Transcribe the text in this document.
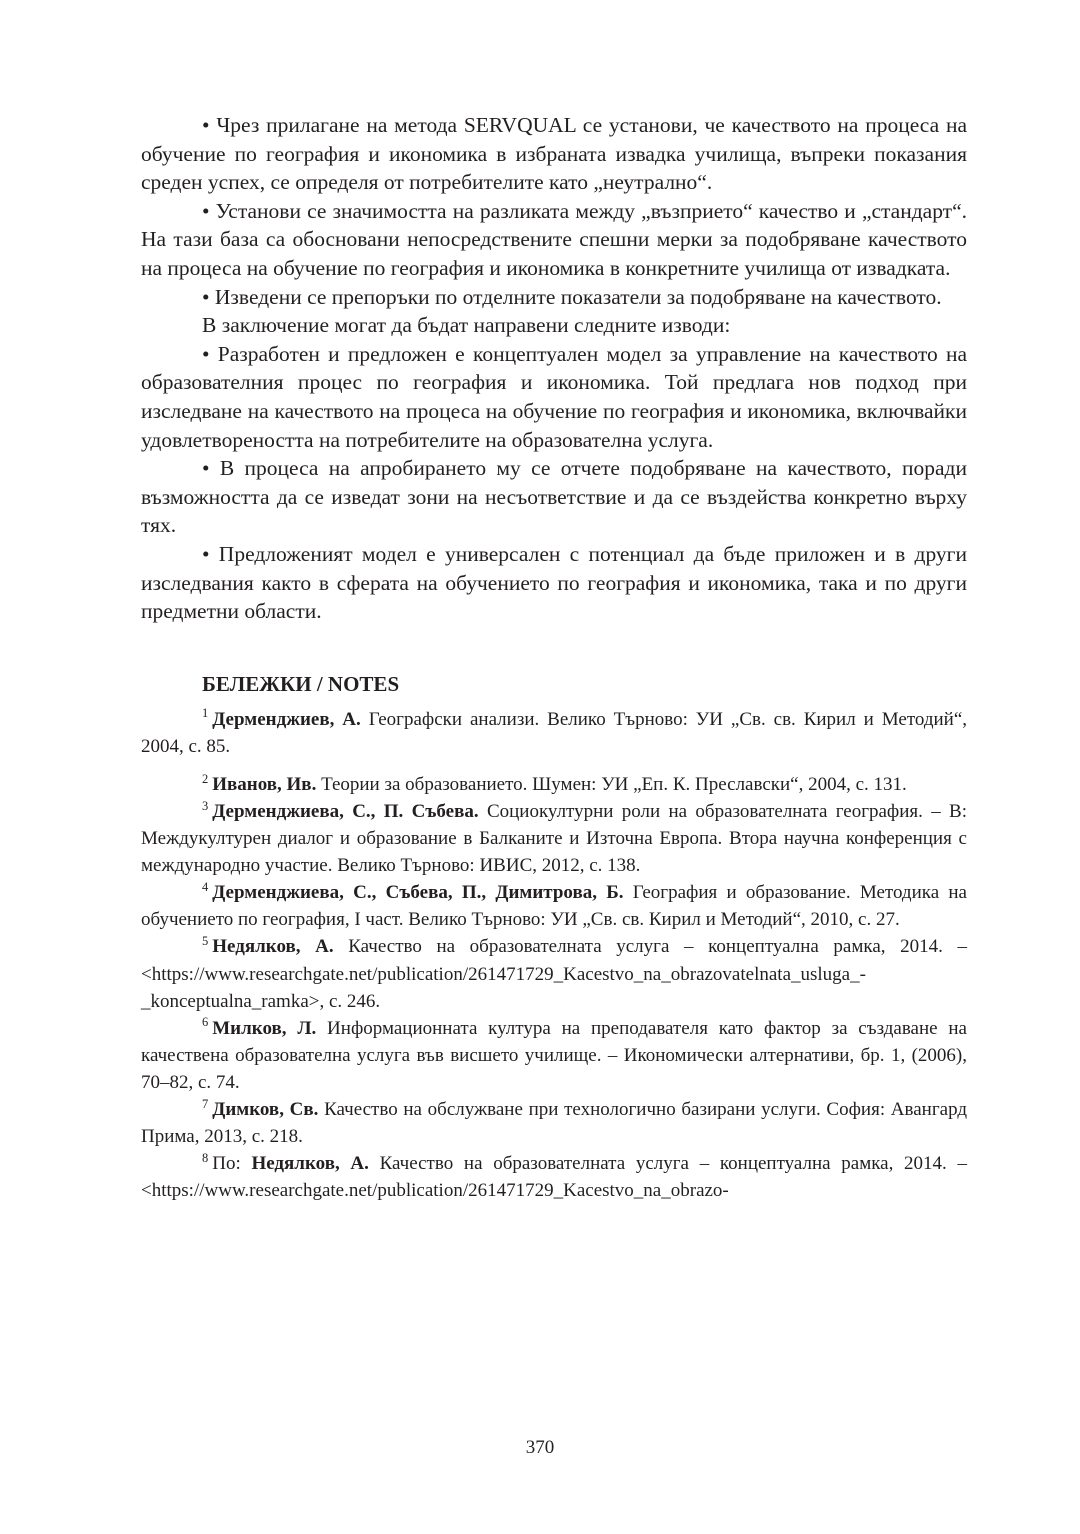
• Чрез прилагане на метода SERVQUAL се установи, че качеството на процеса на обучение по география и икономика в избраната извадка училища, въпреки показания среден успех, се определя от потребителите като „неутрално“.

• Установи се значимостта на разликата между „възприето“ качество и „стандарт“. На тази база са обосновани непосредствените спешни мерки за подобряване качеството на процеса на обучение по география и икономика в конкретните училища от извадката.

• Изведени се препоръки по отделните показатели за подобряване на качеството.

В заключение могат да бъдат направени следните изводи:

• Разработен и предложен е концептуален модел за управление на качеството на образователния процес по география и икономика. Той предлага нов подход при изследване на качеството на процеса на обучение по география и икономика, включвайки удовлетвореността на потребителите на образователна услуга.

• В процеса на апробирането му се отчете подобряване на качеството, поради възможността да се изведат зони на несъответствие и да се въздейства конкретно върху тях.

• Предложеният модел е универсален с потенциал да бъде приложен и в други изследвания както в сферата на обучението по география и икономика, така и по други предметни области.

БЕЛЕЖКИ / NOTES

$^1$ Дерменджиев, А. Географски анализи. Велико Търново: УИ „Св. св. Кирил и Методий“, 2004, с. 85.

$^2$ Иванов, Ив. Теории за образованието. Шумен: УИ „Еп. К. Преславски“, 2004, с. 131.

$^3$ Дерменджиева, С., П. Събева. Социокултурни роли на образователната география. – В: Междукултурен диалог и образование в Балканите и Източна Европа. Втора научна конференция с международно участие. Велико Търново: ИВИС, 2012, с. 138.

$^4$ Дерменджиева, С., Събева, П., Димитрова, Б. География и образование. Методика на обучението по география, I част. Велико Търново: УИ „Св. св. Кирил и Методий“, 2010, с. 27.

$^5$ Недялков, А. Качество на образователната услуга – концептуална рамка, 2014. – <https://www.researchgate.net/publication/261471729_Kacestvo_na_obrazovatelnata_usluga_-_konceptualna_ramka>, с. 246.

$^6$ Милков, Л. Информационната култура на преподавателя като фактор за създаване на качествена образователна услуга във висшето училище. – Икономически алтернативи, бр. 1, (2006), 70–82, с. 74.

$^7$ Димков, Св. Качество на обслужване при технологично базирани услуги. София: Авангард Прима, 2013, с. 218.

$^8$ По: Недялков, А. Качество на образователната услуга – концептуална рамка, 2014. – <https://www.researchgate.net/publication/261471729_Kacestvo_na_obrazo-

370
